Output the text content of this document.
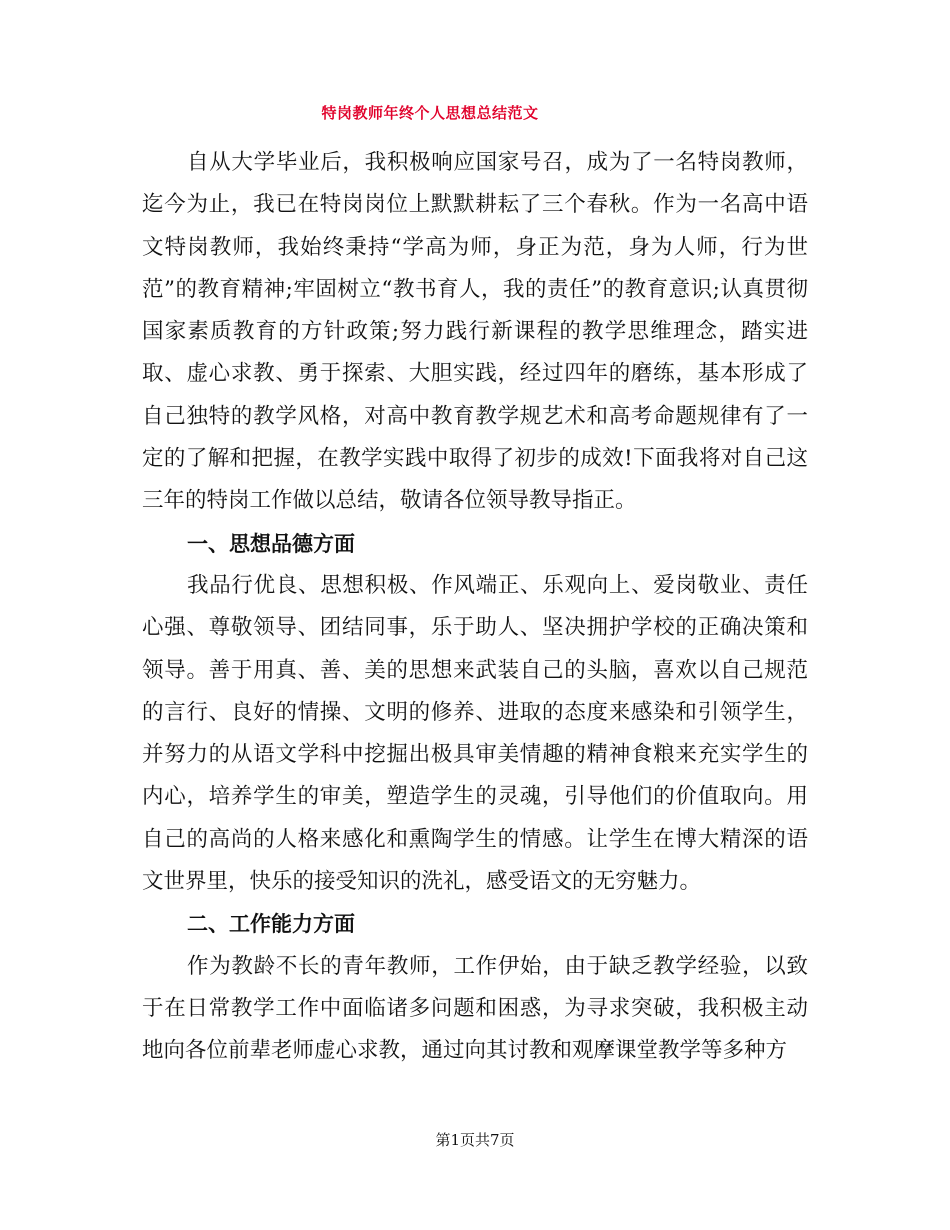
特岗教师年终个人思想总结范文

自从大学毕业后，我积极响应国家号召，成为了一名特岗教师，迄今为止，我已在特岗岗位上默默耕耘了三个春秋。作为一名高中语文特岗教师，我始终秉持“学高为师，身正为范，身为人师，行为世范”的教育精神;牢固树立“教书育人，我的责任”的教育意识;认真贯彻国家素质教育的方针政策;努力践行新课程的教学思维理念，踏实进取、虚心求教、勇于探索、大胆实践，经过四年的磨练，基本形成了自己独特的教学风格，对高中教育教学规艺术和高考命题规律有了一定的了解和把握，在教学实践中取得了初步的成效!下面我将对自己这三年的特岗工作做以总结，敬请各位领导教导指正。

一、思想品德方面

我品行优良、思想积极、作风端正、乐观向上、爱岗敬业、责任心强、尊敬领导、团结同事，乐于助人、坚决拥护学校的正确决策和领导。善于用真、善、美的思想来武装自己的头脑，喜欢以自己规范的言行、良好的情操、文明的修养、进取的态度来感染和引领学生，并努力的从语文学科中挖掘出极具审美情趣的精神食粮来充实学生的内心，培养学生的审美，塑造学生的灵魂，引导他们的价值取向。用自己的高尚的人格来感化和熏陶学生的情感。让学生在博大精深的语文世界里，快乐的接受知识的洗礼，感受语文的无穷魅力。

二、工作能力方面

作为教龄不长的青年教师，工作伊始，由于缺乏教学经验，以致于在日常教学工作中面临诸多问题和困惑，为寻求突破，我积极主动地向各位前辈老师虚心求教，通过向其讨教和观摩课堂教学等多种方

第1页共7页
